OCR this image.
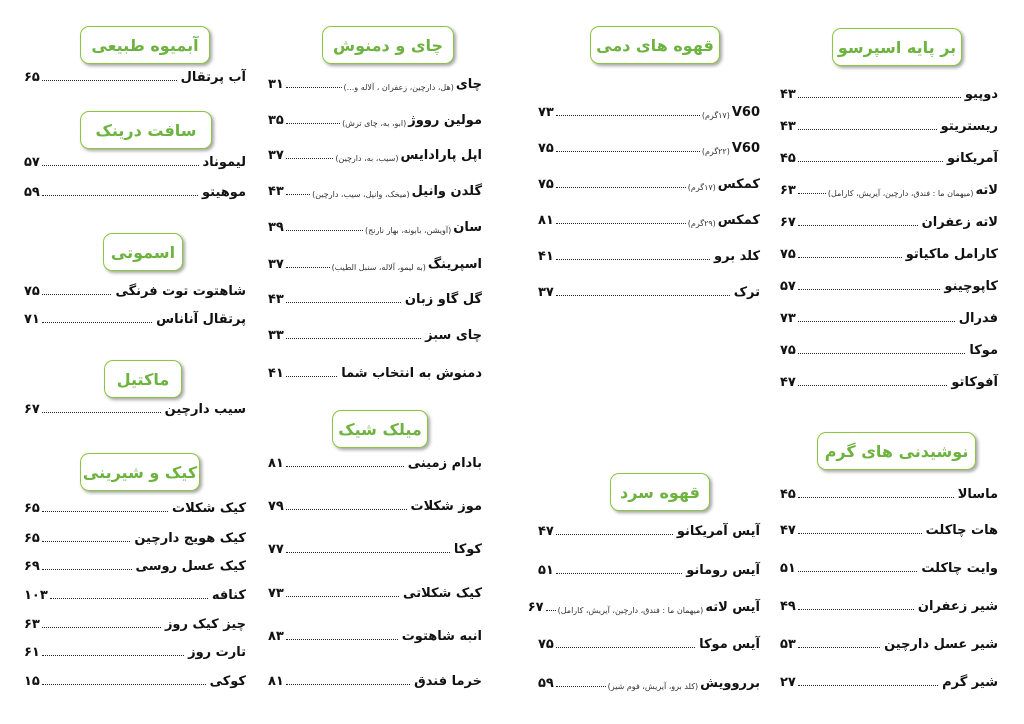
بر پایه اسپرسو
دوپیو
۴۳
ریستریتو
۴۳
آمریکانو
۴۵
لاته
(میهمان ما : فندق، دارچین، آیریش، کارامل)
۶۳
لاته زعفران
۶۷
کارامل ماکیاتو
۷۵
کاپوچینو
۵۷
فدرال
۷۳
موکا
۷۵
آفوکاتو
۴۷
نوشیدنی های گرم
ماسالا
۴۵
هات چاکلت
۴۷
وایت چاکلت
۵۱
شیر زعفران
۴۹
شیر عسل دارچین
۵۳
شیر گرم
۲۷
قهوه های دمی
V60
(۱۷گرم)
۷۳
V60
(۲۲گرم)
۷۵
کمکس
(۱۷گرم)
۷۵
کمکس
(۲۹گرم)
۸۱
کلد برو
۴۱
ترک
۳۷
قهوه سرد
آیس آمریکانو
۴۷
آیس رومانو
۵۱
آیس لاته
(میهمان ما : فندق، دارچین، آیریش، کارامل)
۶۷
آیس موکا
۷۵
برروویش
(کلد برو، آیریش، فوم شیر)
۵۹
چای و دمنوش
چای
(هل، دارچین، زعفران ، آلاله و...)
۳۱
مولین رووژ
(ابو، به، چای ترش)
۳۵
اپل پارادایس
(سیب، به، دارچین)
۳۷
گلدن وانیل
(میخک، وانیل، سیب، دارچین)
۴۳
سان
(آویشن، بابونه، بهار نارنج)
۳۹
اسپرینگ
(به لیمو، آلاله، سنبل الطیب)
۳۷
گل گاو زبان
۴۳
چای سبز
۳۳
دمنوش به انتخاب شما
۴۱
میلک شیک
بادام زمینی
۸۱
موز شکلات
۷۹
کوکا
۷۷
کیک شکلاتی
۷۳
انبه شاهتوت
۸۳
خرما فندق
۸۱
آبمیوه طبیعی
آب پرتقال
۶۵
سافت درینک
لیموناد
۵۷
موهیتو
۵۹
اسموتی
شاهتوت توت فرنگی
۷۵
پرتقال آناناس
۷۱
ماکتیل
سیب دارچین
۶۷
کیک و شیرینی
کیک شکلات
۶۵
کیک هویج دارچین
۶۵
کیک عسل روسی
۶۹
کنافه
۱۰۳
چیز کیک روز
۶۳
تارت روز
۶۱
کوکی
۱۵
